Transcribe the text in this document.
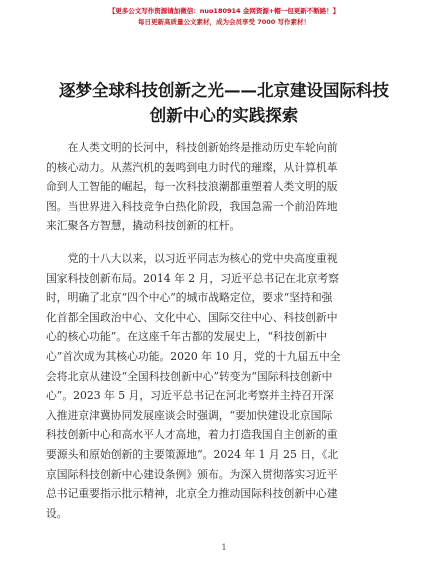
【更多公文写作资源请加微信：nuo180914 金网资源+帽一包更新不断路！】
每日更新高质量公文素材，成为会员享受 7000 写作素材！
逐梦全球科技创新之光——北京建设国际科技
创新中心的实践探索

在人类文明的长河中，科技创新始终是推动历史车轮向前
的核心动力。从蒸汽机的轰鸣到电力时代的璀璨，从计算机革
命到人工智能的崛起，每一次科技浪潮都重塑着人类文明的版
图。当世界进入科技竞争白热化阶段，我国急需一个前沿阵地
来汇聚各方智慧，撬动科技创新的杠杆。

党的十八大以来，以习近平同志为核心的党中央高度重视
国家科技创新布局。2014 年 2 月，习近平总书记在北京考察
时，明确了北京“四个中心”的城市战略定位，要求“坚持和强
化首都全国政治中心、文化中心、国际交往中心、科技创新中
心的核心功能”。在这座千年古都的发展史上，“科技创新中
心”首次成为其核心功能。2020 年 10 月，党的十九届五中全
会将北京从建设“全国科技创新中心”转变为“国际科技创新中
心”。2023 年 5 月，习近平总书记在河北考察并主持召开深
入推进京津冀协同发展座谈会时强调，“要加快建设北京国际
科技创新中心和高水平人才高地，着力打造我国自主创新的重
要源头和原始创新的主要策源地”。2024 年 1 月 25 日，《北
京国际科技创新中心建设条例》颁布。为深入贯彻落实习近平
总书记重要指示批示精神，北京全力推动国际科技创新中心建
设。

1
